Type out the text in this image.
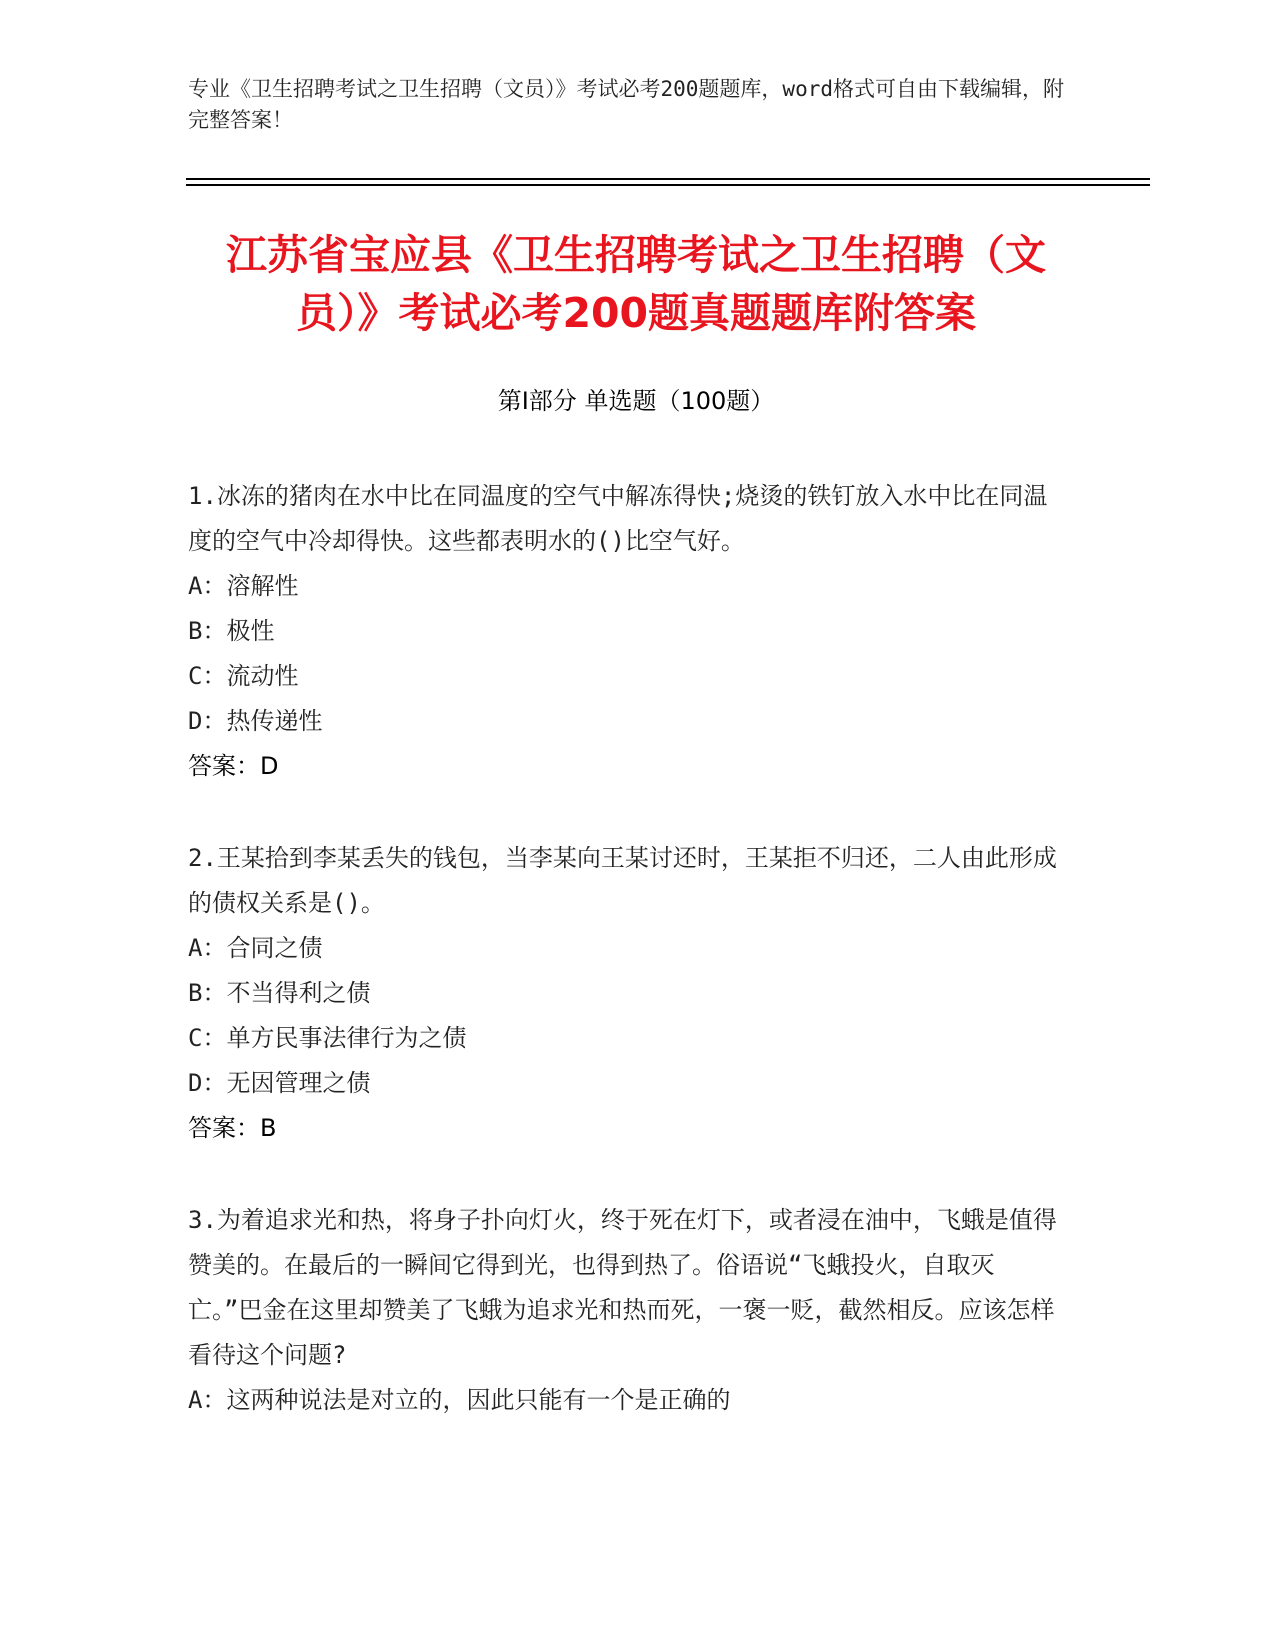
专业《卫生招聘考试之卫生招聘（文员）》考试必考200题题库，word格式可自由下载编辑，附完整答案！
江苏省宝应县《卫生招聘考试之卫生招聘（文员）》考试必考200题真题题库附答案
第Ⅰ部分 单选题（100题）
1.冰冻的猪肉在水中比在同温度的空气中解冻得快;烧烫的铁钉放入水中比在同温度的空气中冷却得快。这些都表明水的()比空气好。
A：溶解性
B：极性
C：流动性
D：热传递性
答案：D
2.王某拾到李某丢失的钱包，当李某向王某讨还时，王某拒不归还，二人由此形成的债权关系是()。
A：合同之债
B：不当得利之债
C：单方民事法律行为之债
D：无因管理之债
答案：B
3.为着追求光和热，将身子扑向灯火，终于死在灯下，或者浸在油中，飞蛾是值得赞美的。在最后的一瞬间它得到光，也得到热了。俗语说“飞蛾投火，自取灭亡。”巴金在这里却赞美了飞蛾为追求光和热而死，一褒一贬，截然相反。应该怎样看待这个问题?
A：这两种说法是对立的，因此只能有一个是正确的
